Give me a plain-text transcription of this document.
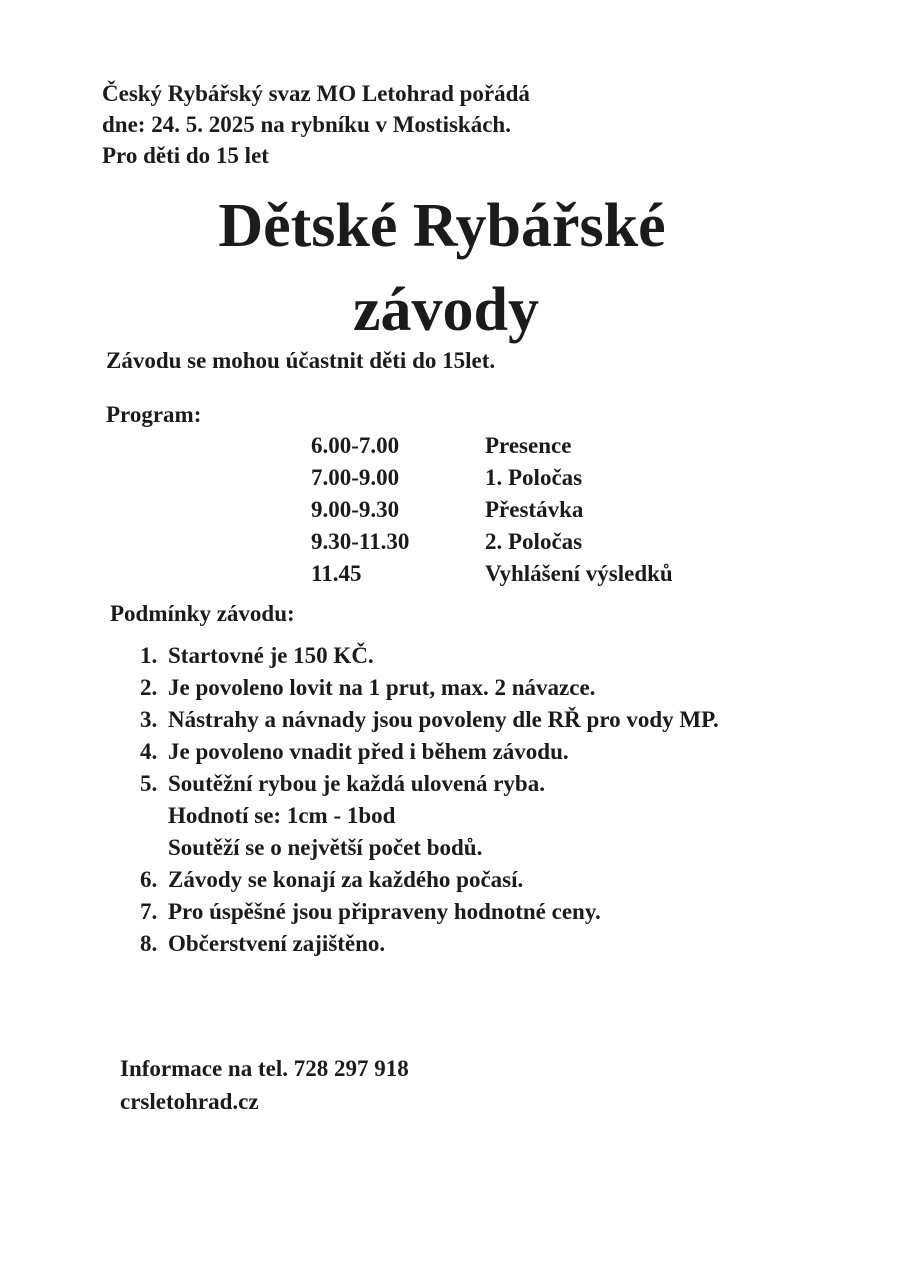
Český Rybářský svaz MO Letohrad pořádá
dne: 24. 5. 2025 na rybníku v Mostiskách.
Pro děti do 15 let
Dětské Rybářské
závody
Závodu se mohou účastnit děti do 15let.
Program:
6.00-7.00	Presence
7.00-9.00	1. Poločas
9.00-9.30	Přestávka
9.30-11.30	2. Poločas
11.45	Vyhlášení výsledků
Podmínky závodu:
1. Startovné je 150 KČ.
2. Je povoleno lovit na 1 prut, max. 2 návazce.
3. Nástrahy a návnady jsou povoleny dle RŘ pro vody MP.
4. Je povoleno vnadit před i během závodu.
5. Soutěžní rybou je každá ulovená ryba.
Hodnotí se: 1cm - 1bod
Soutěží se o největší počet bodů.
6. Závody se konají za každého počasí.
7. Pro úspěšné jsou připraveny hodnotné ceny.
8. Občerstvení zajištěno.
Informace na tel. 728 297 918
crsletohrad.cz
